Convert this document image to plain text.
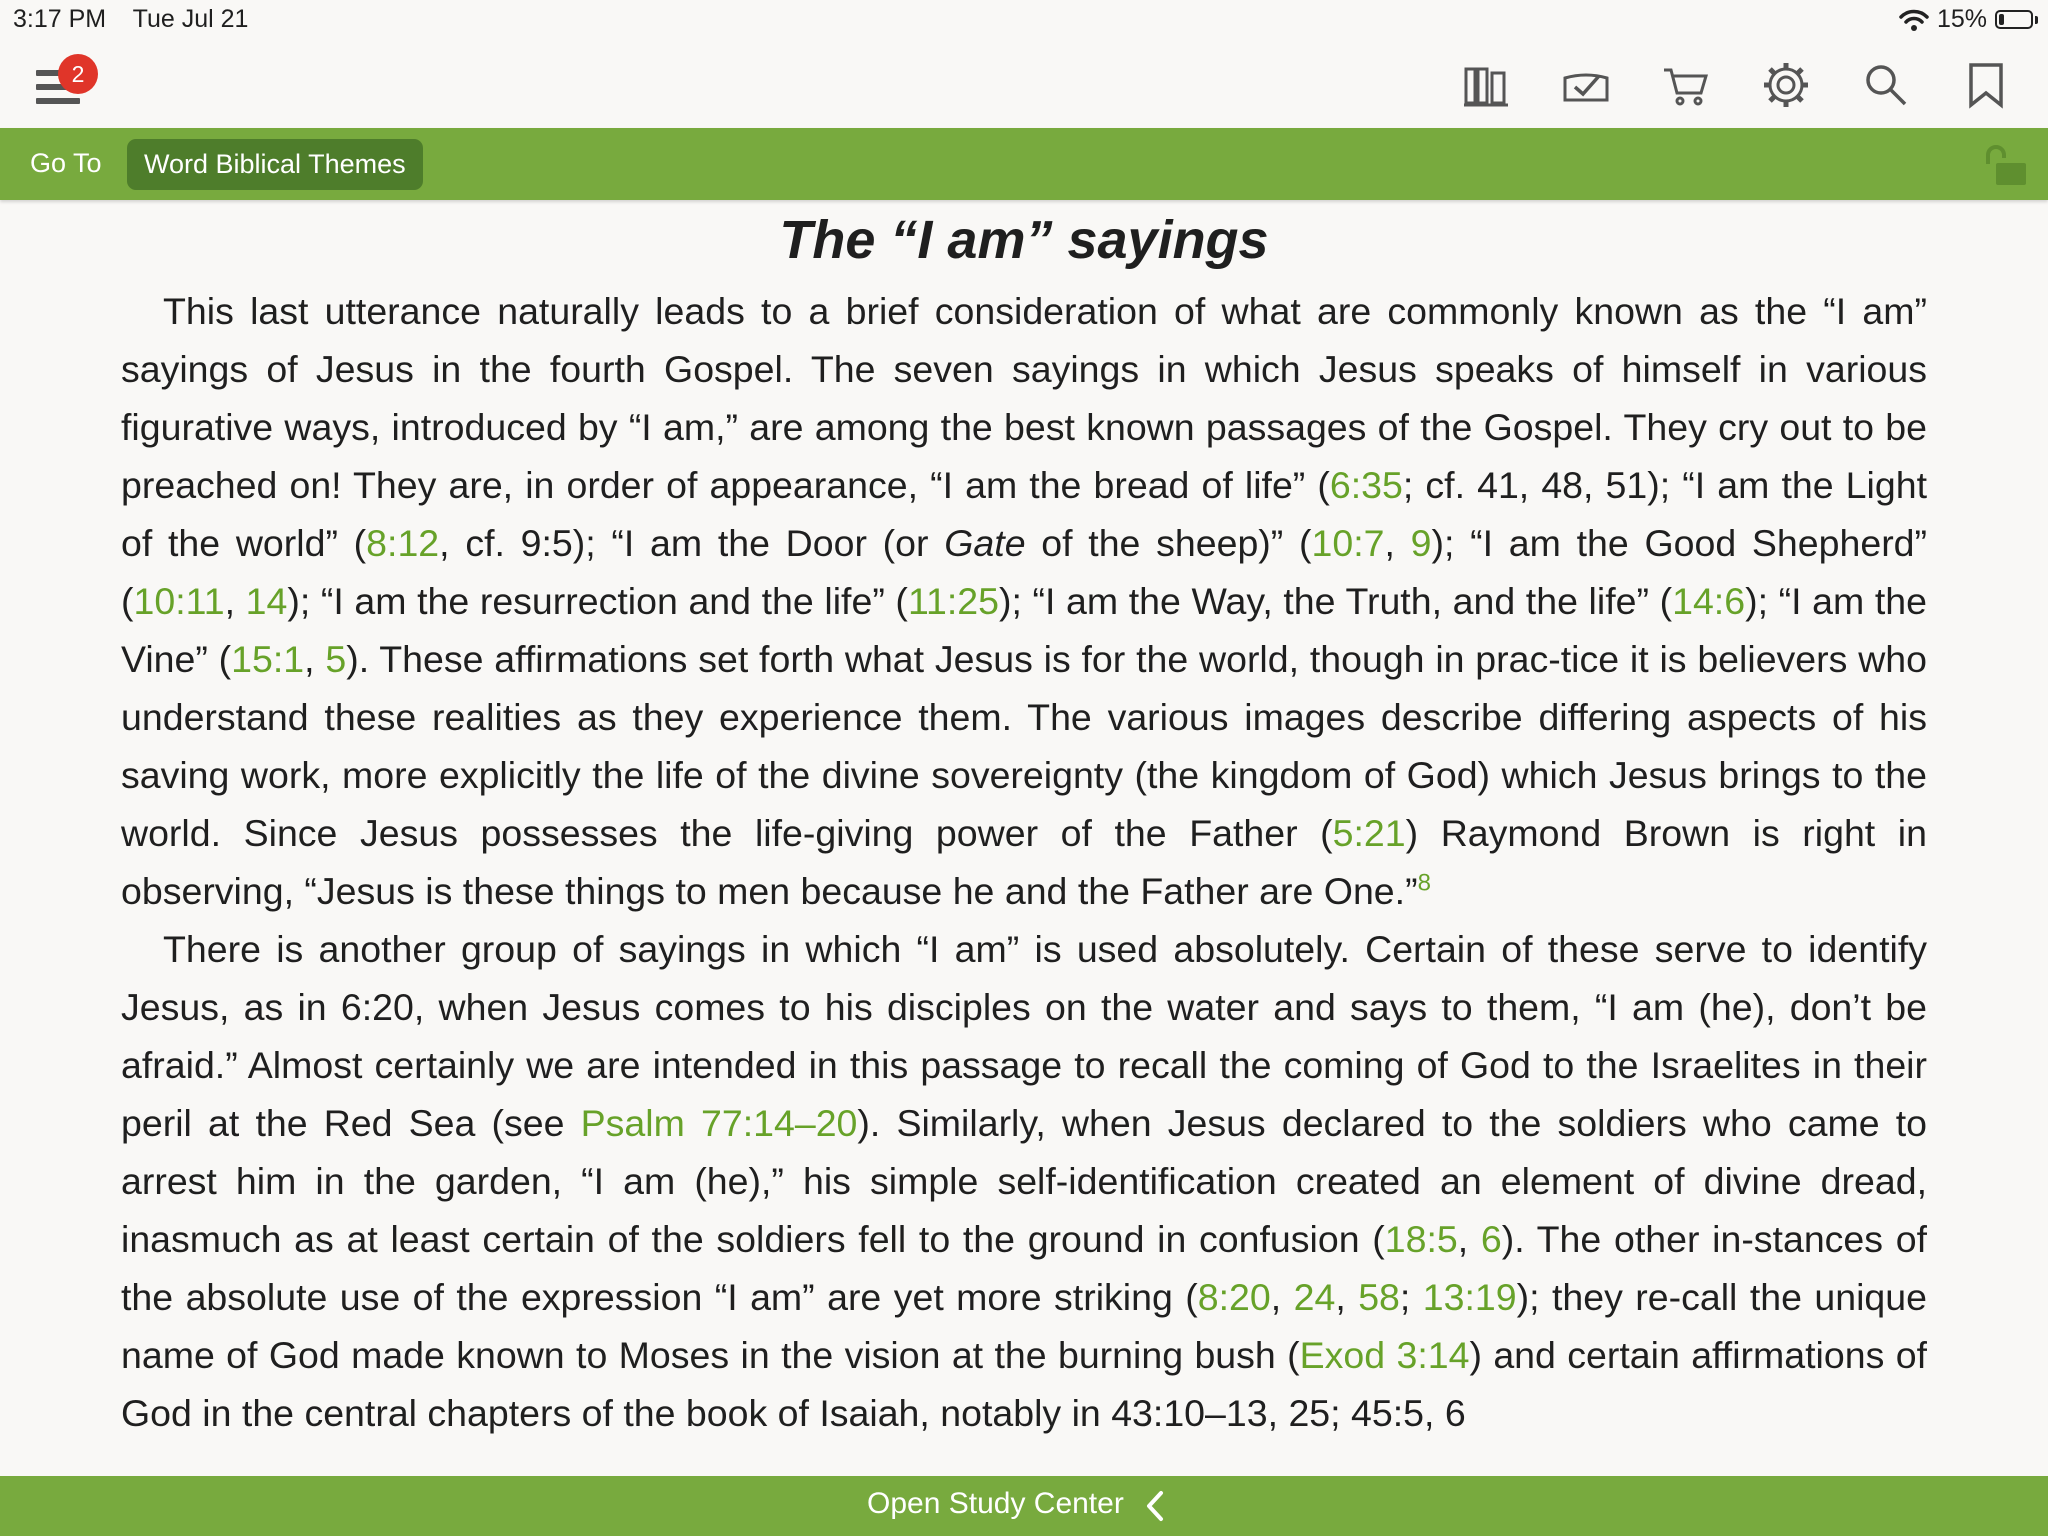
3:17 PM Tue Jul 21	15%
2
Go To	Word Biblical Themes
The “I am” sayings

This last utterance naturally leads to a brief consideration of what are commonly known as the “I am” sayings of Jesus in the fourth Gospel. The seven sayings in which Jesus speaks of himself in various figurative ways, introduced by “I am,” are among the best known passages of the Gospel. They cry out to be preached on! They are, in order of appearance, “I am the bread of life” (6:35; cf. 41, 48, 51); “I am the Light of the world” (8:12, cf. 9:5); “I am the Door (or Gate of the sheep)” (10:7, 9); “I am the Good Shepherd” (10:11, 14); “I am the resurrection and the life” (11:25); “I am the Way, the Truth, and the life” (14:6); “I am the Vine” (15:1, 5). These affirmations set forth what Jesus is for the world, though in prac-tice it is believers who understand these realities as they experience them. The various images describe differing aspects of his saving work, more explicitly the life of the divine sovereignty (the kingdom of God) which Jesus brings to the world. Since Jesus possesses the life-giving power of the Father (5:21) Raymond Brown is right in observing, “Jesus is these things to men because he and the Father are One.”$^8$

There is another group of sayings in which “I am” is used absolutely. Certain of these serve to identify Jesus, as in 6:20, when Jesus comes to his disciples on the water and says to them, “I am (he), don’t be afraid.” Almost certainly we are intended in this passage to recall the coming of God to the Israelites in their peril at the Red Sea (see Psalm 77:14–20). Similarly, when Jesus declared to the soldiers who came to arrest him in the garden, “I am (he),” his simple self-identification created an element of divine dread, inasmuch as at least certain of the soldiers fell to the ground in confusion (18:5, 6). The other in-stances of the absolute use of the expression “I am” are yet more striking (8:20, 24, 58; 13:19); they re-call the unique name of God made known to Moses in the vision at the burning bush (Exod 3:14) and certain affirmations of God in the central chapters of the book of Isaiah, notably in 43:10–13, 25; 45:5, 6

Open Study Center
